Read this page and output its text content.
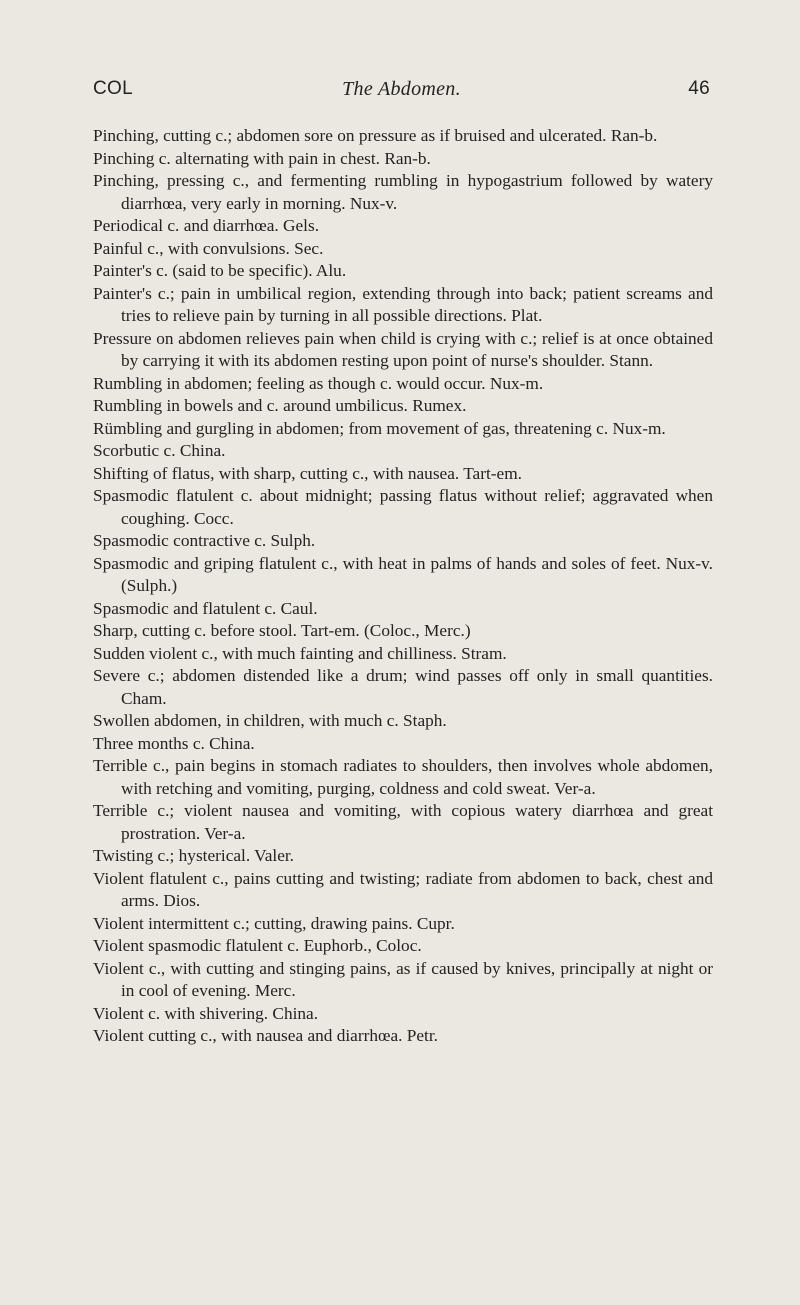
COL	The Abdomen.	46
Pinching, cutting c.; abdomen sore on pressure as if bruised and ulcerated. Ran-b.
Pinching c. alternating with pain in chest. Ran-b.
Pinching, pressing c., and fermenting rumbling in hypogastrium followed by watery diarrhœa, very early in morning. Nux-v.
Periodical c. and diarrhœa. Gels.
Painful c., with convulsions. Sec.
Painter's c. (said to be specific). Alu.
Painter's c.; pain in umbilical region, extending through into back; patient screams and tries to relieve pain by turning in all possible directions. Plat.
Pressure on abdomen relieves pain when child is crying with c.; relief is at once obtained by carrying it with its abdomen resting upon point of nurse's shoulder. Stann.
Rumbling in abdomen; feeling as though c. would occur. Nux-m.
Rumbling in bowels and c. around umbilicus. Rumex.
Rümbling and gurgling in abdomen; from movement of gas, threatening c. Nux-m.
Scorbutic c. China.
Shifting of flatus, with sharp, cutting c., with nausea. Tart-em.
Spasmodic flatulent c. about midnight; passing flatus without relief; aggravated when coughing. Cocc.
Spasmodic contractive c. Sulph.
Spasmodic and griping flatulent c., with heat in palms of hands and soles of feet. Nux-v. (Sulph.)
Spasmodic and flatulent c. Caul.
Sharp, cutting c. before stool. Tart-em. (Coloc., Merc.)
Sudden violent c., with much fainting and chilliness. Stram.
Severe c.; abdomen distended like a drum; wind passes off only in small quantities. Cham.
Swollen abdomen, in children, with much c. Staph.
Three months c. China.
Terrible c., pain begins in stomach radiates to shoulders, then involves whole abdomen, with retching and vomiting, purging, coldness and cold sweat. Ver-a.
Terrible c.; violent nausea and vomiting, with copious watery diarrhœa and great prostration. Ver-a.
Twisting c.; hysterical. Valer.
Violent flatulent c., pains cutting and twisting; radiate from abdomen to back, chest and arms. Dios.
Violent intermittent c.; cutting, drawing pains. Cupr.
Violent spasmodic flatulent c. Euphorb., Coloc.
Violent c., with cutting and stinging pains, as if caused by knives, principally at night or in cool of evening. Merc.
Violent c. with shivering. China.
Violent cutting c., with nausea and diarrhœa. Petr.
